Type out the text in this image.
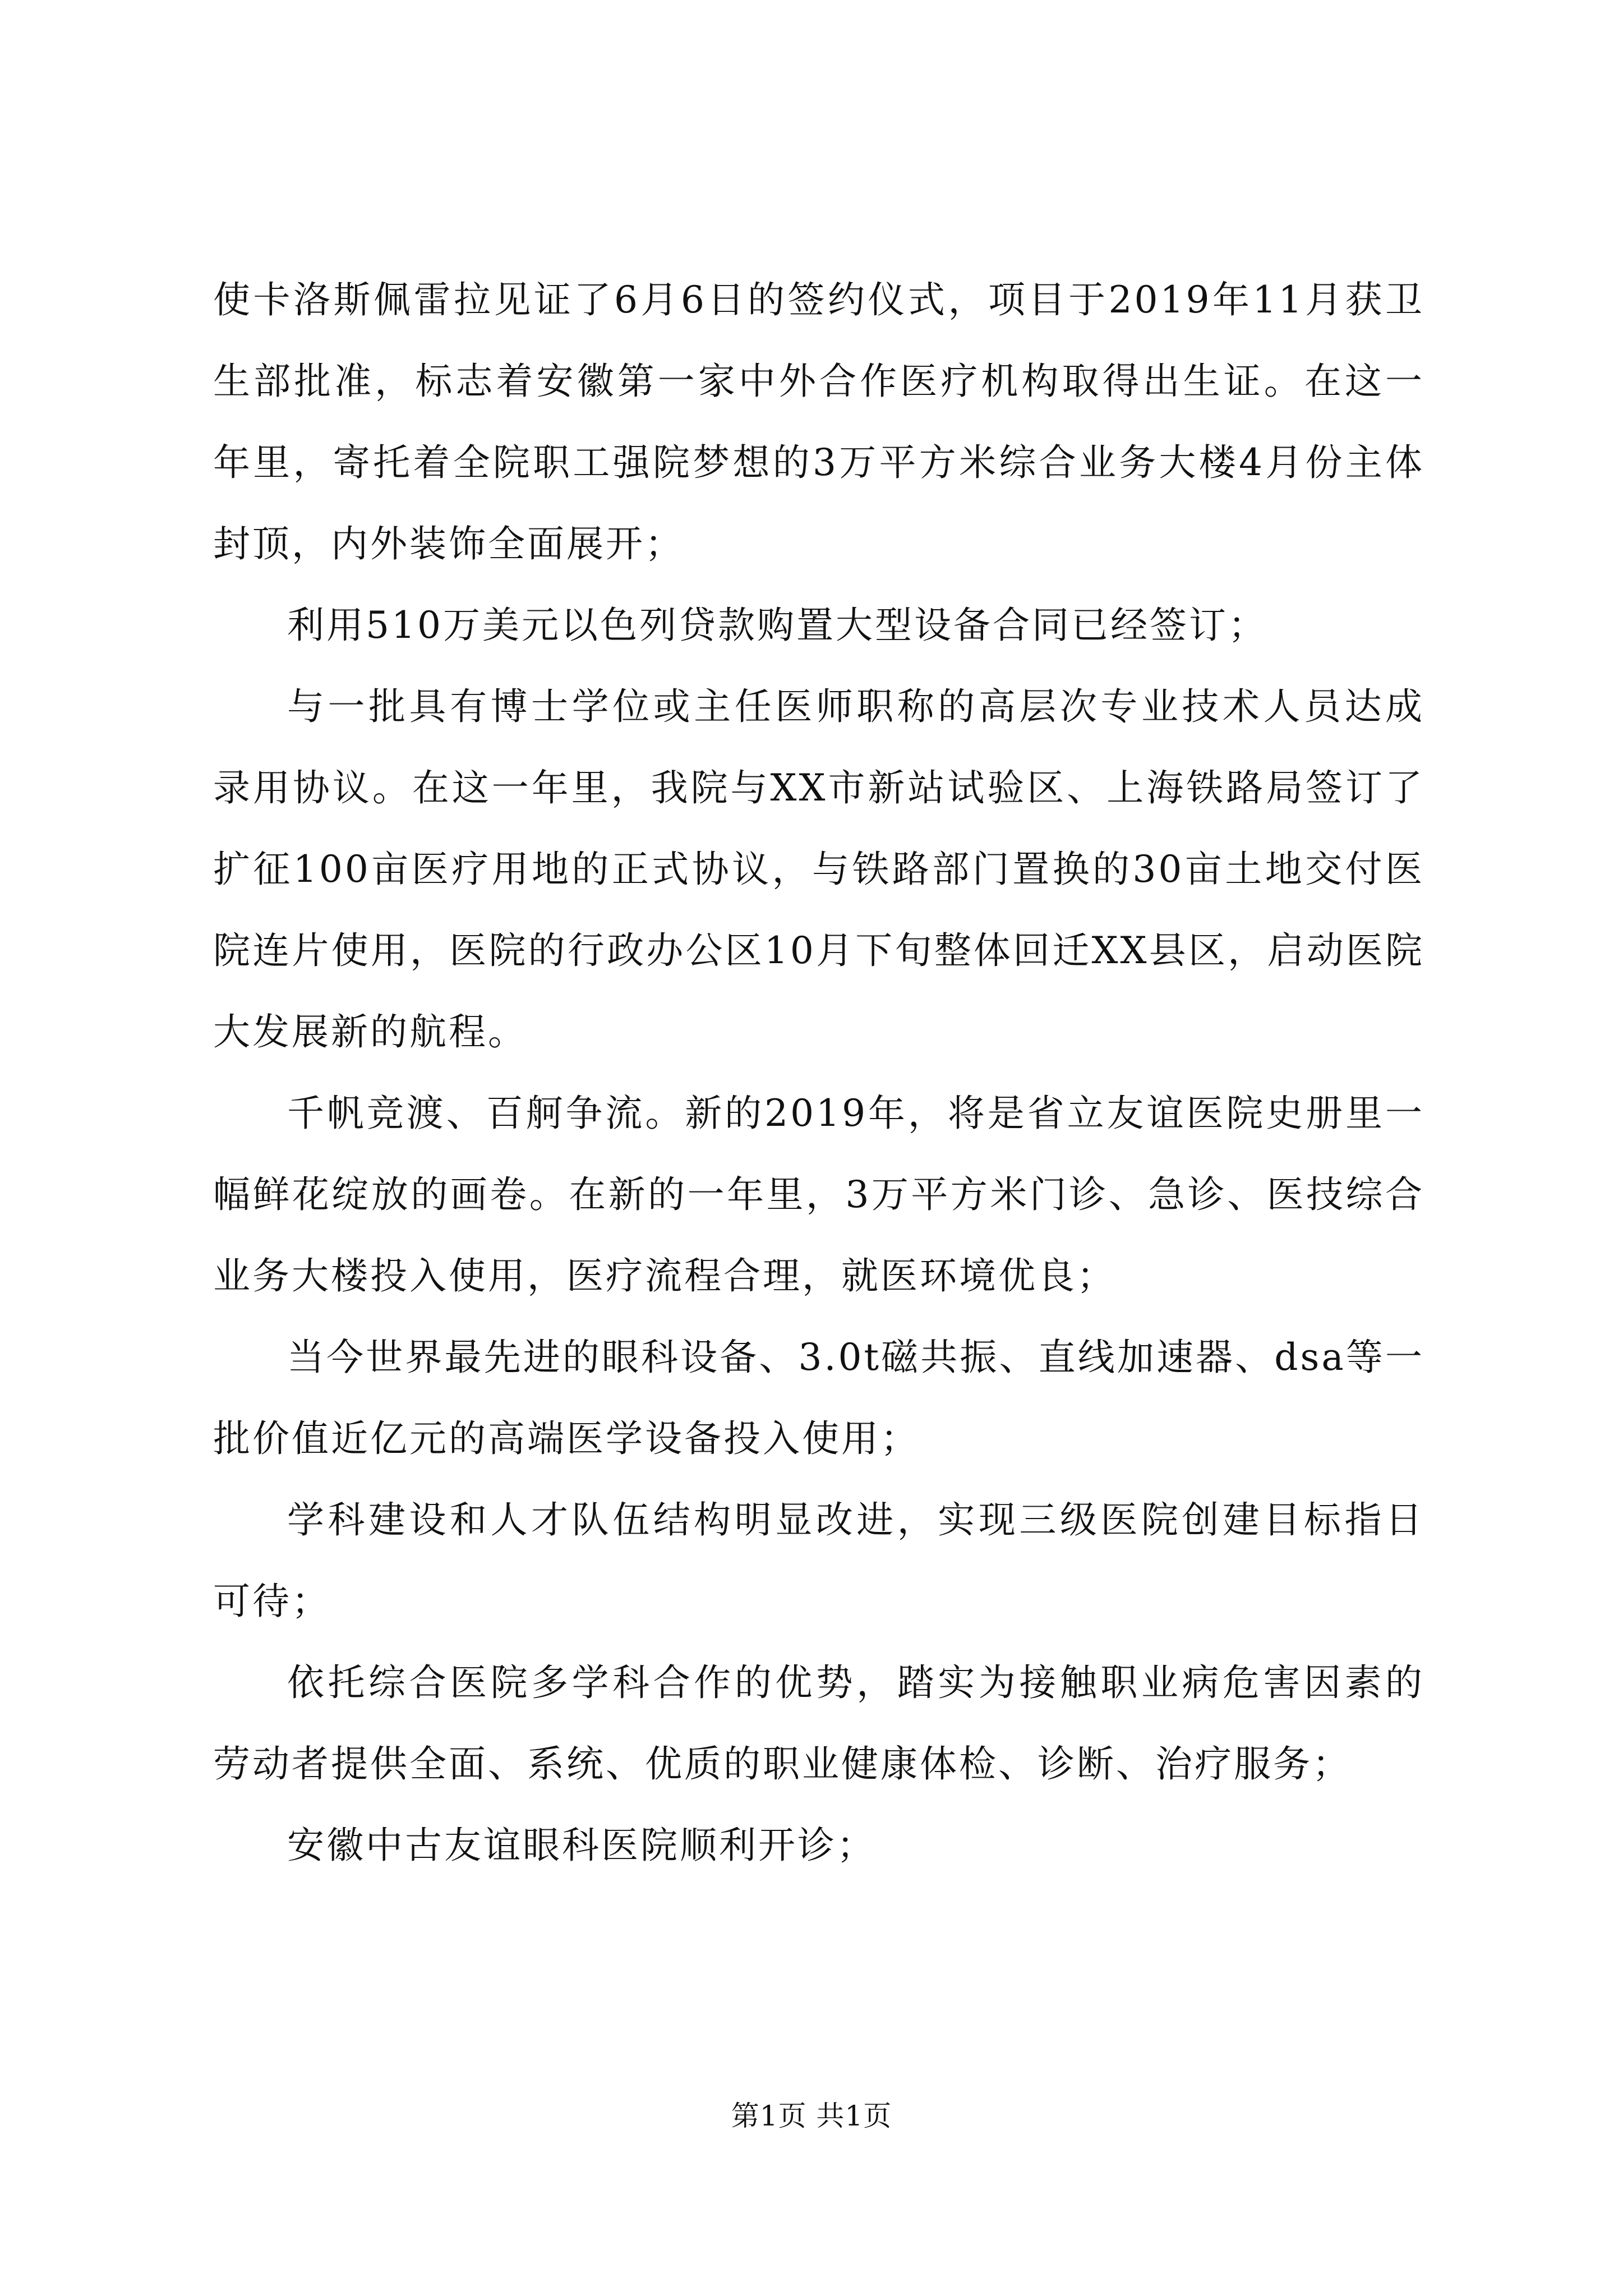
使卡洛斯佩雷拉见证了6月6日的签约仪式，项目于2019年11月获卫生部批准，标志着安徽第一家中外合作医疗机构取得出生证。在这一年里，寄托着全院职工强院梦想的3万平方米综合业务大楼4月份主体封顶，内外装饰全面展开；

利用510万美元以色列贷款购置大型设备合同已经签订；

与一批具有博士学位或主任医师职称的高层次专业技术人员达成录用协议。在这一年里，我院与XX市新站试验区、上海铁路局签订了扩征100亩医疗用地的正式协议，与铁路部门置换的30亩土地交付医院连片使用，医院的行政办公区10月下旬整体回迁XX县区，启动医院大发展新的航程。

千帆竞渡、百舸争流。新的2019年，将是省立友谊医院史册里一幅鲜花绽放的画卷。在新的一年里，3万平方米门诊、急诊、医技综合业务大楼投入使用，医疗流程合理，就医环境优良；

当今世界最先进的眼科设备、3.0t磁共振、直线加速器、dsa等一批价值近亿元的高端医学设备投入使用；

学科建设和人才队伍结构明显改进，实现三级医院创建目标指日可待；

依托综合医院多学科合作的优势，踏实为接触职业病危害因素的劳动者提供全面、系统、优质的职业健康体检、诊断、治疗服务；

安徽中古友谊眼科医院顺利开诊；

第1页 共1页
